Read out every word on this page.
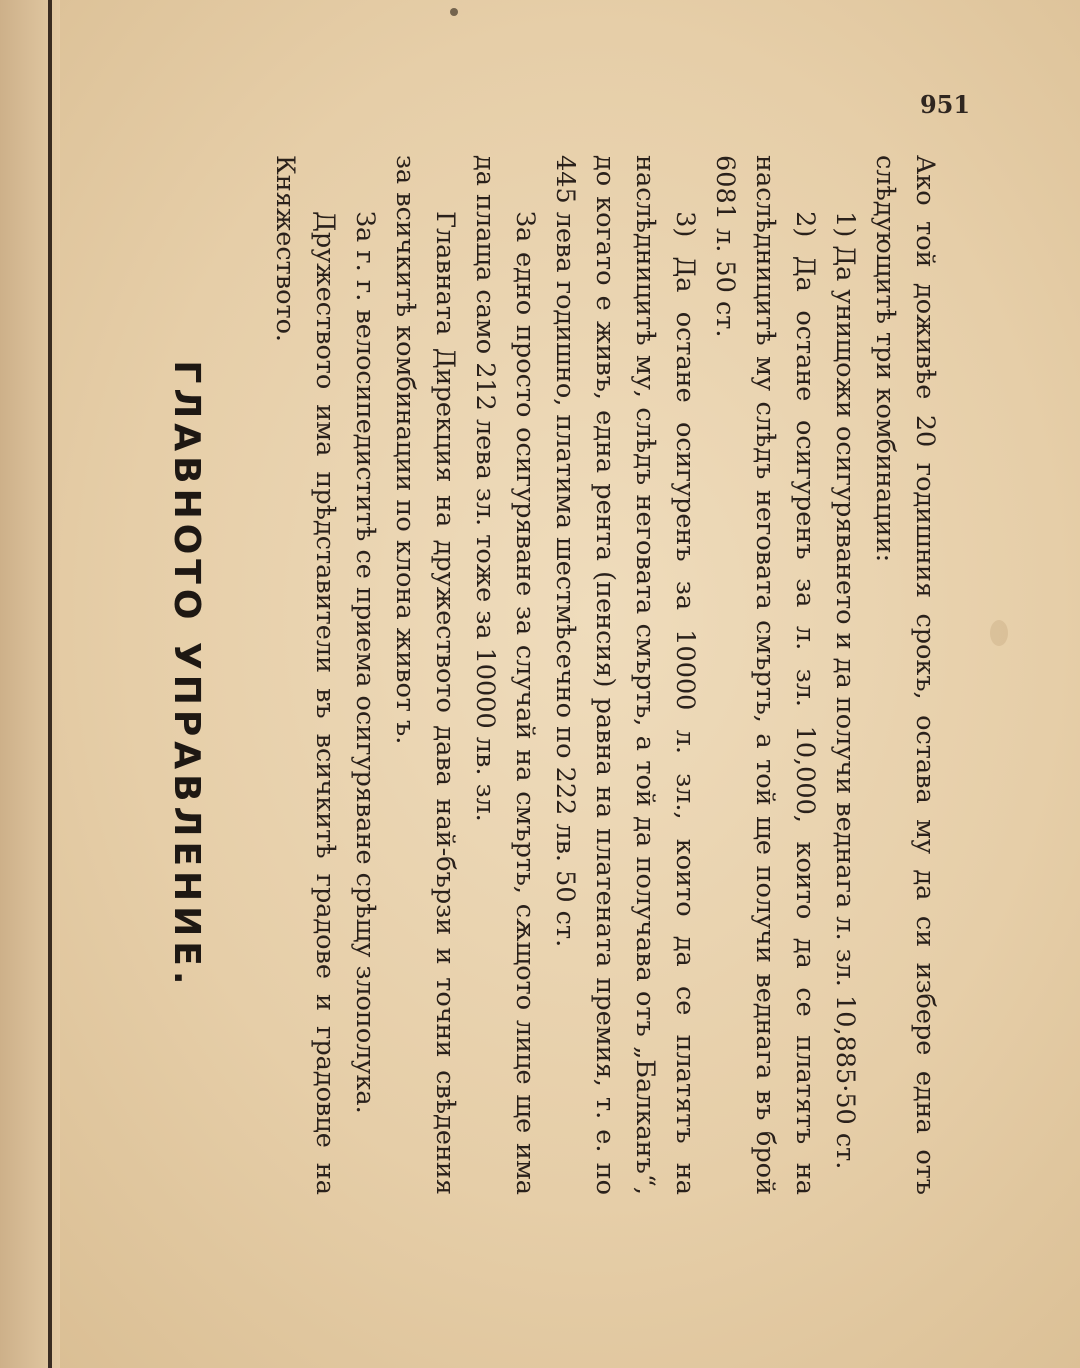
951

Ако той доживѣе 20 годишния срокъ, остава му да си избере една отъ слѣдующитѣ три комбинации:

1) Да унищожи осигуряването и да получи веднага л. зл. 10,885·50 ст.

2) Да остане осигуренъ за л. зл. 10,000, които да се платятъ на наслѣдницитѣ му слѣдъ неговата смърть, а той ще получи веднага въ брой 6081 л. 50 ст.

3) Да остане осигуренъ за 10000 л. зл., които да се платятъ на наслѣдницитѣ му, слѣдъ неговата смърть, а той да получава отъ „Балканъ“, до когато е живъ, една рента (пенсия) равна на платената премия, т. е. по 445 лева годишно, платима шестмѣсечно по 222 лв. 50 ст.

За едно просто осигуряване за случай на смърть, сѫщото лице ще има да плаща само 212 лева зл. тоже за 10000 лв. зл.

Главната Дирекция на дружеството дава най-бързи и точни свѣдения за всичкитѣ комбинации по клона живот ъ.

За г. г. велосипедиститѣ се приема осигуряване срѣщу злополука.

Дружеството има прѣдставители въ всичкитѣ градове и градовце на Княжеството.

ГЛАВНОТО УПРАВЛЕНИЕ.
